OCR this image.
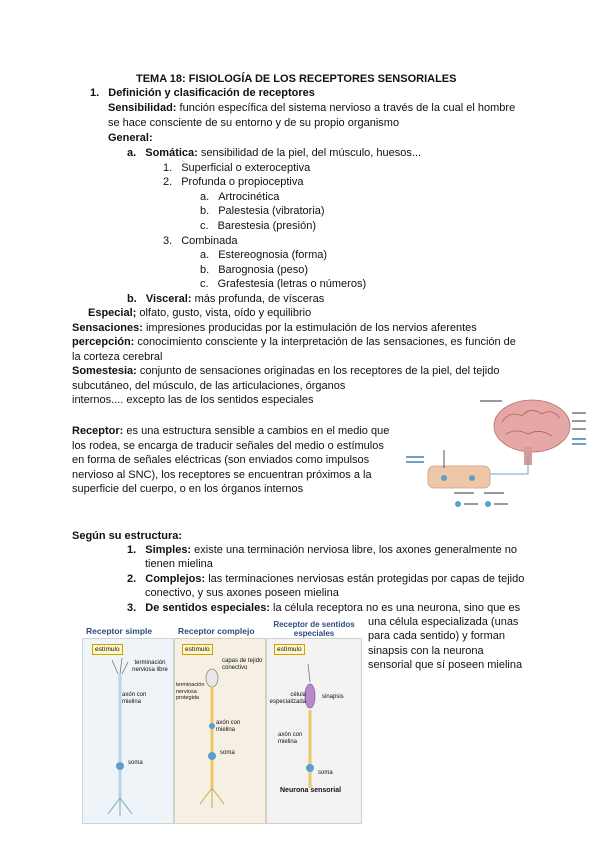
TEMA 18: FISIOLOGÍA DE LOS RECEPTORES SENSORIALES
1. Definición y clasificación de receptores
Sensibilidad: función específica del sistema nervioso a través de la cual el hombre
se hace consciente de su entorno y de su propio organismo
General:
a. Somática: sensibilidad de la piel, del músculo, huesos...
1. Superficial o exteroceptiva
2. Profunda o propioceptiva
a. Artrocinética
b. Palestesia (vibratoria)
c. Barestesia (presión)
3. Combinada
a. Estereognosia (forma)
b. Barognosia (peso)
c. Grafestesia (letras o números)
b. Visceral: más profunda, de vísceras
Especial; olfato, gusto, vista, oído y equilibrio
Sensaciones: impresiones producidas por la estimulación de los nervios aferentes
percepción: conocimiento consciente y la interpretación de las sensaciones, es función de
la corteza cerebral
Somestesia: conjunto de sensaciones originadas en los receptores de la piel, del tejido
subcutáneo, del músculo, de las articulaciones, órganos
internos.... excepto las de los sentidos especiales
Receptor: es una estructura sensible a cambios en el medio que
los rodea, se encarga de traducir señales del medio o estímulos
en forma de señales eléctricas (son enviados como impulsos
nervioso al SNC), los receptores se encuentran próximos a la
superficie del cuerpo, o en los órganos internos
Según su estructura:
1. Simples: existe una terminación nerviosa libre, los axones generalmente no
tienen mielina
2. Complejos: las terminaciones nerviosas están protegidas por capas de tejido
conectivo, y sus axones poseen mielina
3. De sentidos especiales: la célula receptora no es una neurona, sino que es
una célula especializada (unas
para cada sentido) y forman
sinapsis con la neurona
sensorial que sí poseen mielina
Receptor simple	Receptor complejo
Receptor de sentidos especiales
estímulo	estímulo	estímulo
terminación nerviosa libre
axón con mielina
soma
capas de tejido conectivo
terminación nerviosa protegida
axón con mielina
soma
célula especializada
sinapsis
axón con mielina
soma
Neurona sensorial
